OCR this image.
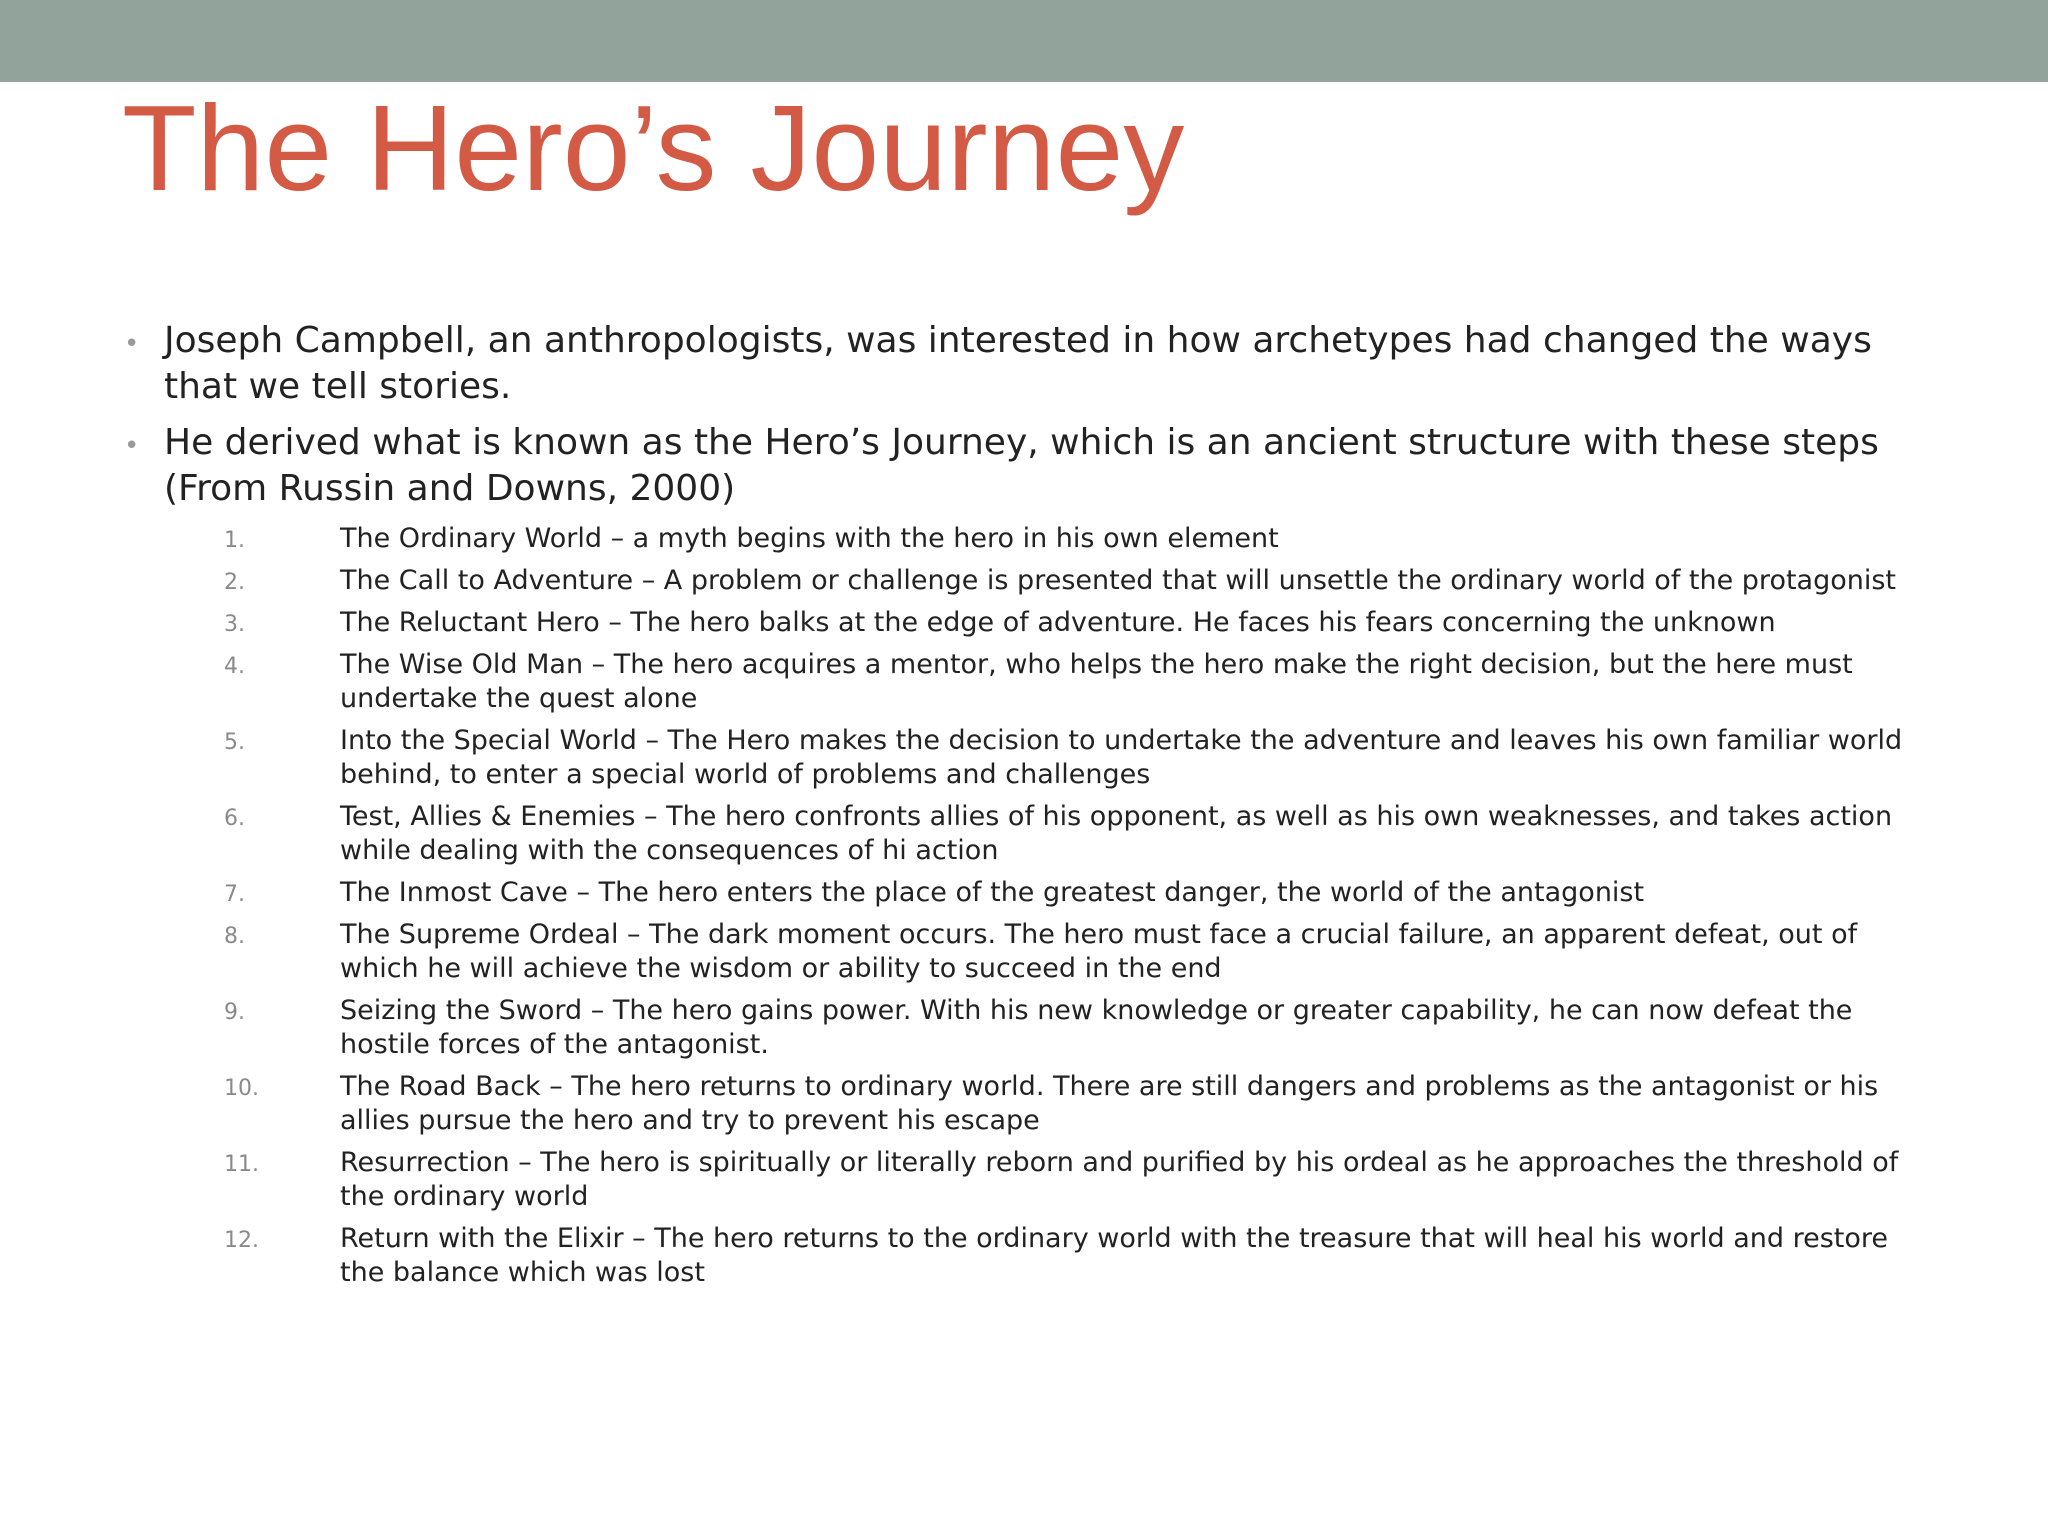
The Hero’s Journey
• Joseph Campbell, an anthropologists, was interested in how archetypes had changed the ways that we tell stories.
• He derived what is known as the Hero’s Journey, which is an ancient structure with these steps (From Russin and Downs, 2000)
1.	The Ordinary World – a myth begins with the hero in his own element
2.	The Call to Adventure – A problem or challenge is presented that will unsettle the ordinary world of the protagonist
3.	The Reluctant Hero – The hero balks at the edge of adventure. He faces his fears concerning the unknown
4.	The Wise Old Man – The hero acquires a mentor, who helps the hero make the right decision, but the here must undertake the quest alone
5.	Into the Special World – The Hero makes the decision to undertake the adventure and leaves his own familiar world behind, to enter a special world of problems and challenges
6.	Test, Allies & Enemies – The hero confronts allies of his opponent, as well as his own weaknesses, and takes action while dealing with the consequences of hi action
7.	The Inmost Cave – The hero enters the place of the greatest danger, the world of the antagonist
8.	The Supreme Ordeal – The dark moment occurs. The hero must face a crucial failure, an apparent defeat, out of which he will achieve the wisdom or ability to succeed in the end
9.	Seizing the Sword – The hero gains power. With his new knowledge or greater capability, he can now defeat the hostile forces of the antagonist.
10.	The Road Back – The hero returns to ordinary world. There are still dangers and problems as the antagonist or his allies pursue the hero and try to prevent his escape
11.	Resurrection – The hero is spiritually or literally reborn and purified by his ordeal as he approaches the threshold of the ordinary world
12.	Return with the Elixir – The hero returns to the ordinary world with the treasure that will heal his world and restore the balance which was lost
